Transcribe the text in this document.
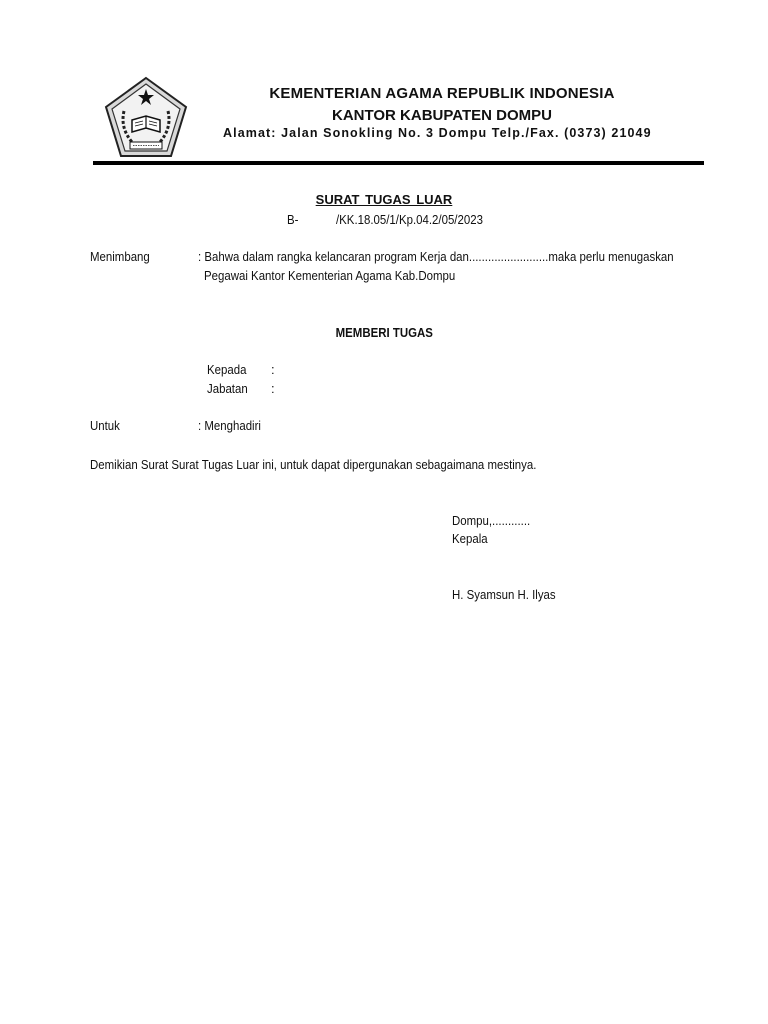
KEMENTERIAN AGAMA REPUBLIK INDONESIA
KANTOR KABUPATEN DOMPU
Alamat: Jalan Sonokling No. 3 Dompu Telp./Fax. (0373) 21049
SURAT TUGAS LUAR
B-	/KK.18.05/1/Kp.04.2/05/2023
Menimbang	: Bahwa dalam rangka kelancaran program Kerja dan.........................maka perlu menugaskan
Pegawai Kantor Kementerian Agama Kab.Dompu
MEMBERI TUGAS
Kepada	:
Jabatan	:
Untuk	: Menghadiri
Demikian Surat Surat Tugas Luar ini, untuk dapat dipergunakan sebagaimana mestinya.
Dompu,............
Kepala
H. Syamsun H. Ilyas
